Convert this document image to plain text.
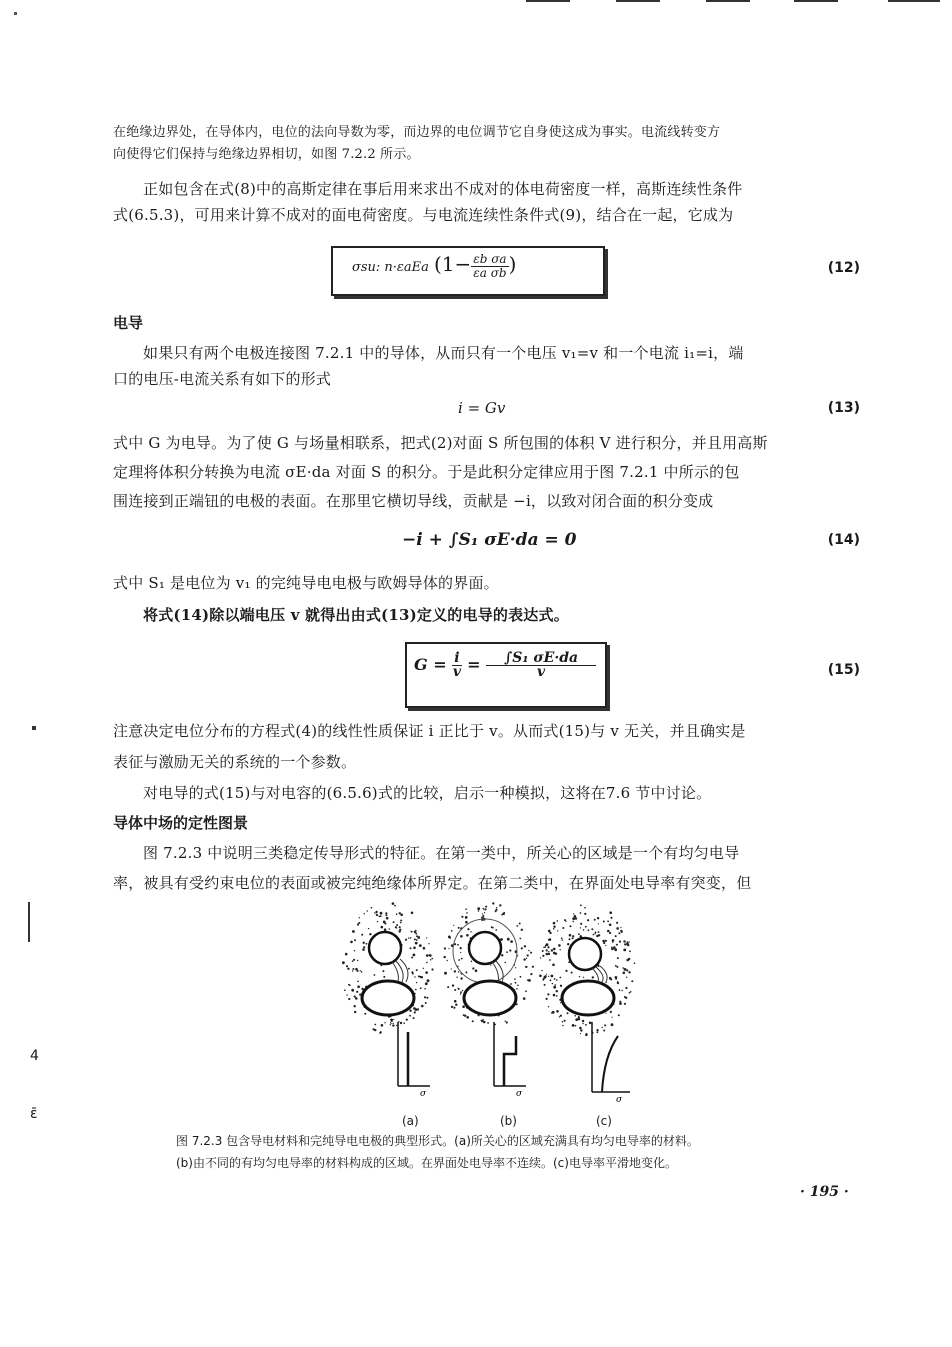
在绝缘边界处，在导体内，电位的法向导数为零，而边界的电位调节它自身使这成为事实。电流线转变方
向使得它们保持与绝缘边界相切，如图 7.2.2 所示。
正如包含在式(8)中的高斯定律在事后用来求出不成对的体电荷密度一样，高斯连续性条件
式(6.5.3)，可用来计算不成对的面电荷密度。与电流连续性条件式(9)，结合在一起，它成为
σsu: n·εaEa ($1- \frac{\text{εb σa}}{\text{εa σb}}$ )	(12)
电导
如果只有两个电极连接图 7.2.1 中的导体，从而只有一个电压 v₁=v 和一个电流 i₁=i，端
口的电压-电流关系有如下的形式
i = Gv	(13)
式中 G 为电导。为了使 G 与场量相联系，把式(2)对面 S 所包围的体积 V 进行积分，并且用高斯
定理将体积分转换为电流 σE·da 对面 S 的积分。于是此积分定律应用于图 7.2.1 中所示的包
围连接到正端钮的电极的表面。在那里它横切导线，贡献是 −i，以致对闭合面的积分变成
−i + ∫S₁ σE·da = 0	(14)
式中 S₁ 是电位为 v₁ 的完纯导电电极与欧姆导体的界面。
将式(14)除以端电压 v 就得出由式(13)定义的电导的表达式。
$G = \frac{i}{v} = \frac{\text{∫S₁ σE·da}}{v}$	(15)
注意决定电位分布的方程式(4)的线性性质保证 i 正比于 v。从而式(15)与 v 无关，并且确实是
表征与激励无关的系统的一个参数。
对电导的式(15)与对电容的(6.5.6)式的比较，启示一种模拟，这将在7.6 节中讨论。
导体中场的定性图景
图 7.2.3 中说明三类稳定传导形式的特征。在第一类中，所关心的区域是一个有均匀电导
率，被具有受约束电位的表面或被完纯绝缘体所界定。在第二类中，在界面处电导率有突变，但
σ
ε
σ
σ
(a)	(b)	(c)
图 7.2.3 包含导电材料和完纯导电电极的典型形式。(a)所关心的区域充满具有均匀电导率的材料。
(b)由不同的有均匀电导率的材料构成的区域。在界面处电导率不连续。(c)电导率平滑地变化。
· 195 ·
4
ε̄
